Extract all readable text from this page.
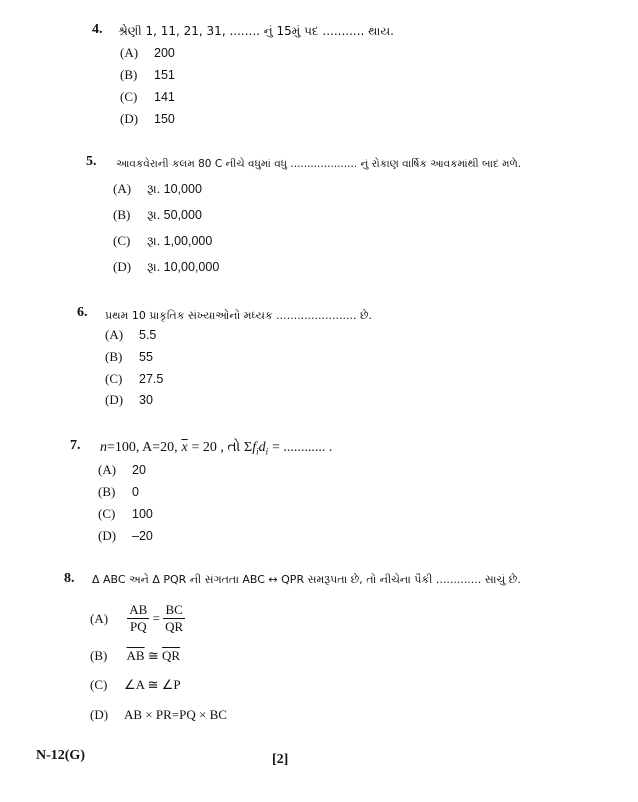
4. શ્રેણી 1, 11, 21, 31, ........ નું 15મું પદ ........... થાય.
(A) 200
(B) 151
(C) 141
(D) 150
5. આવકવેરાની કલમ 80 C નીચે વધુમાં વધુ .................... નું રોકાણ વાર્ષિક આવકમાંથી બાદ મળે.
(A) રૂા. 10,000
(B) રૂા. 50,000
(C) રૂા. 1,00,000
(D) રૂા. 10,00,000
6. પ્રથમ 10 પ્રાકૃતિક સંખ્યાઓનો મધ્યક ....................... છે.
(A) 5.5
(B) 55
(C) 27.5
(D) 30
7. n=100, A=20, $\overline{x} = 20$ , તો $\Sigma f_id_i$ = ............ .
(A) 20
(B) 0
(C) 100
(D) –20
8. Δ ABC અને Δ PQR ની સંગતતા ABC ↔ QPR સમરૂપતા છે, તો નીચેના પૈકી ............. સાચું છે.
$(A) \frac{AB}{PQ} = \frac{BC}{QR}$
(B) $\overline{AB}$ ≅ $\overline{QR}$
(C) ∠A ≅ ∠P
(D) AB × PR=PQ × BC
N-12(G)	[2]
